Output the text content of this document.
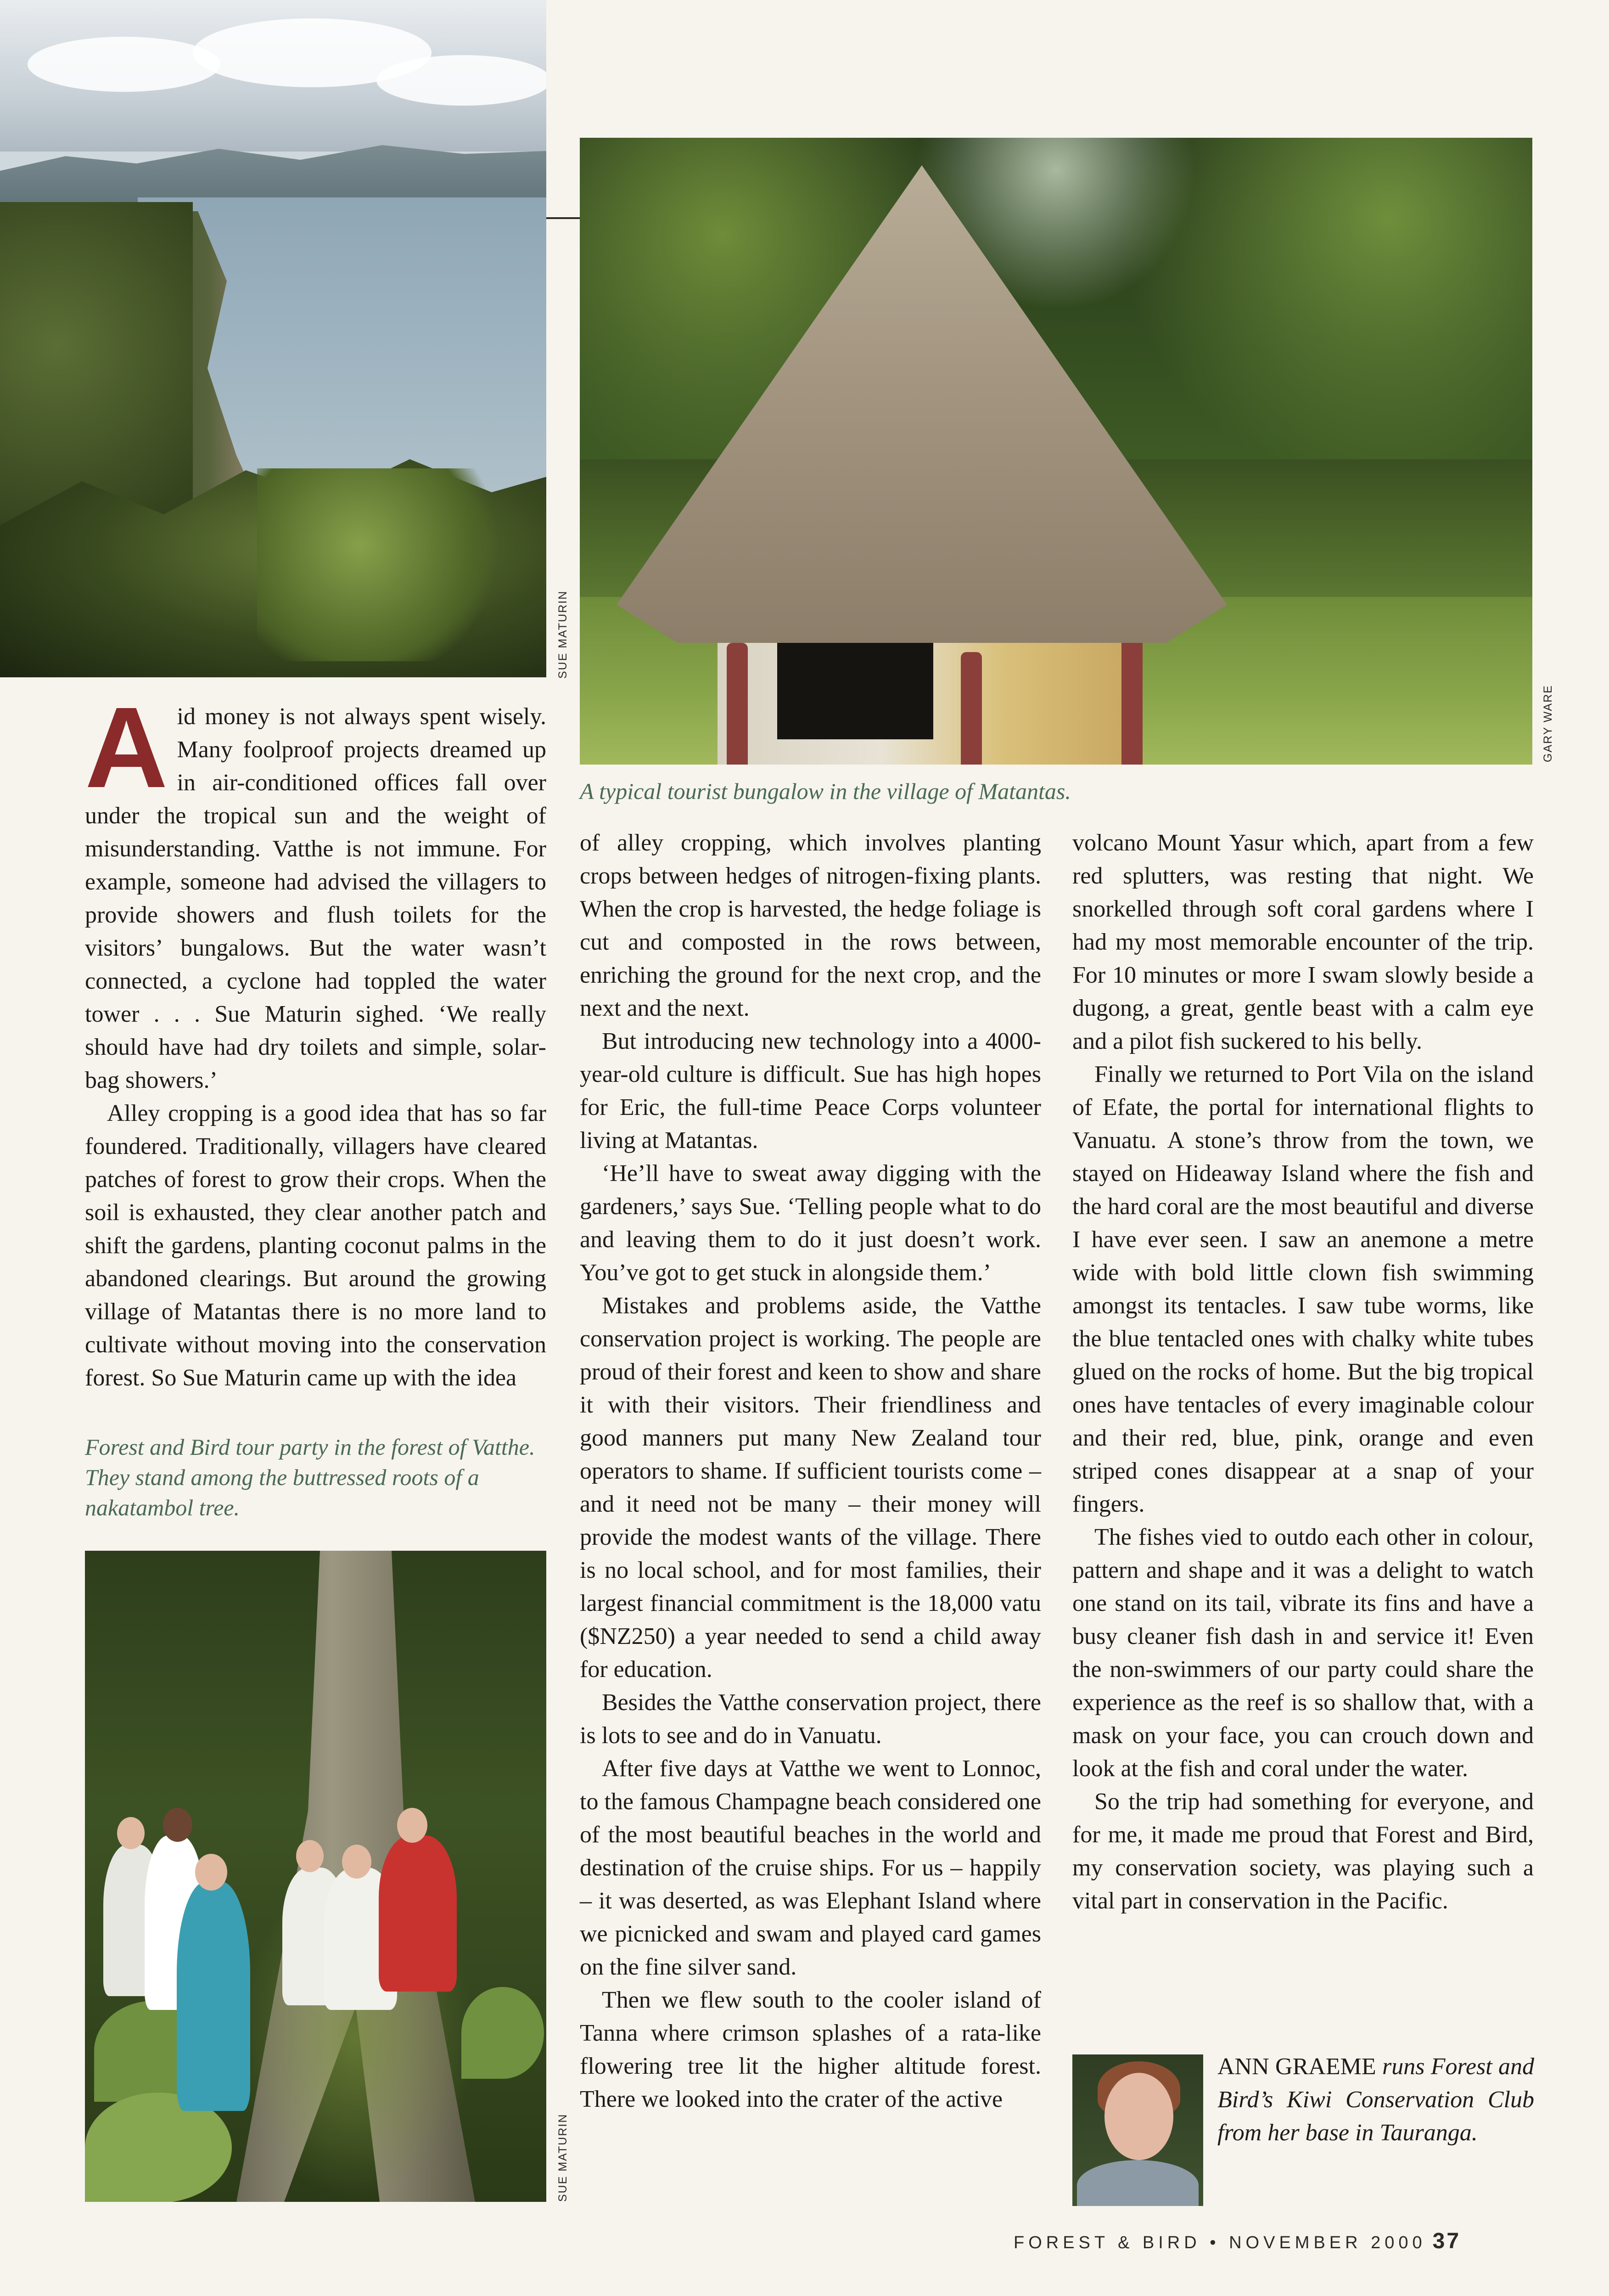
SUE MATURIN
GARY WARE
A typical tourist bungalow in the village of Matantas.

Aid money is not always spent wisely. Many foolproof projects dreamed up in air-conditioned offices fall over under the tropical sun and the weight of misunderstanding. Vatthe is not immune. For example, someone had advised the villagers to provide showers and flush toilets for the visitors’ bungalows. But the water wasn’t connected, a cyclone had toppled the water tower . . . Sue Maturin sighed. ‘We really should have had dry toilets and simple, solar-bag showers.’

Alley cropping is a good idea that has so far foundered. Traditionally, villagers have cleared patches of forest to grow their crops. When the soil is exhausted, they clear another patch and shift the gardens, planting coconut palms in the abandoned clearings. But around the growing village of Matantas there is no more land to cultivate without moving into the conservation forest. So Sue Maturin came up with the idea

Forest and Bird tour party in the forest of Vatthe. They stand among the buttressed roots of a nakatambol tree.
SUE MATURIN

of alley cropping, which involves planting crops between hedges of nitrogen-fixing plants. When the crop is harvested, the hedge foliage is cut and composted in the rows between, enriching the ground for the next crop, and the next and the next.

But introducing new technology into a 4000-year-old culture is difficult. Sue has high hopes for Eric, the full-time Peace Corps volunteer living at Matantas.

‘He’ll have to sweat away digging with the gardeners,’ says Sue. ‘Telling people what to do and leaving them to do it just doesn’t work. You’ve got to get stuck in alongside them.’

Mistakes and problems aside, the Vatthe conservation project is working. The people are proud of their forest and keen to show and share it with their visitors. Their friendliness and good manners put many New Zealand tour operators to shame. If sufficient tourists come – and it need not be many – their money will provide the modest wants of the village. There is no local school, and for most families, their largest financial commitment is the 18,000 vatu ($NZ250) a year needed to send a child away for education.

Besides the Vatthe conservation project, there is lots to see and do in Vanuatu.

After five days at Vatthe we went to Lonnoc, to the famous Champagne beach considered one of the most beautiful beaches in the world and destination of the cruise ships. For us – happily – it was deserted, as was Elephant Island where we picnicked and swam and played card games on the fine silver sand.

Then we flew south to the cooler island of Tanna where crimson splashes of a rata-like flowering tree lit the higher altitude forest. There we looked into the crater of the active

volcano Mount Yasur which, apart from a few red splutters, was resting that night. We snorkelled through soft coral gardens where I had my most memorable encounter of the trip. For 10 minutes or more I swam slowly beside a dugong, a great, gentle beast with a calm eye and a pilot fish suckered to his belly.

Finally we returned to Port Vila on the island of Efate, the portal for international flights to Vanuatu. A stone’s throw from the town, we stayed on Hideaway Island where the fish and the hard coral are the most beautiful and diverse I have ever seen. I saw an anemone a metre wide with bold little clown fish swimming amongst its tentacles. I saw tube worms, like the blue tentacled ones with chalky white tubes glued on the rocks of home. But the big tropical ones have tentacles of every imaginable colour and their red, blue, pink, orange and even striped cones disappear at a snap of your fingers.

The fishes vied to outdo each other in colour, pattern and shape and it was a delight to watch one stand on its tail, vibrate its fins and have a busy cleaner fish dash in and service it! Even the non-swimmers of our party could share the experience as the reef is so shallow that, with a mask on your face, you can crouch down and look at the fish and coral under the water.

So the trip had something for everyone, and for me, it made me proud that Forest and Bird, my conservation society, was playing such a vital part in conservation in the Pacific.

ANN GRAEME runs Forest and Bird’s Kiwi Conservation Club from her base in Tauranga.
FOREST & BIRD • NOVEMBER 2000 37
